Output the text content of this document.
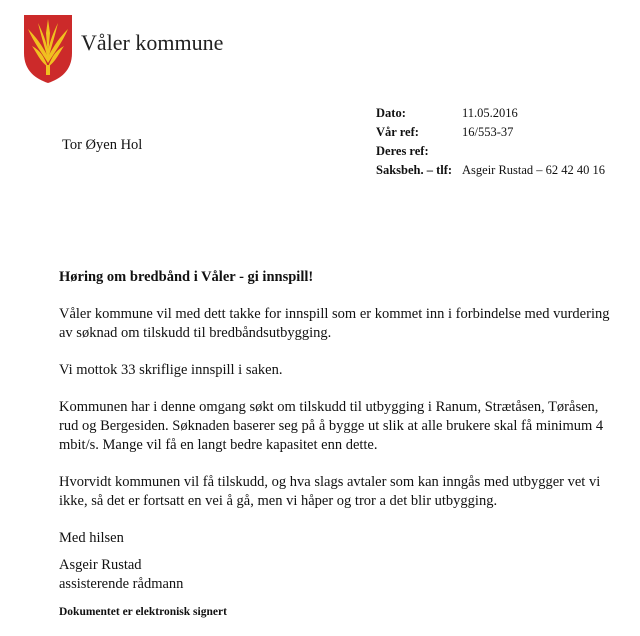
Våler kommune
Dato:	11.05.2016
Vår ref:	16/553-37
Deres ref:
Saksbeh. – tlf: Asgeir Rustad – 62 42 40 16
Tor Øyen Hol
Høring om bredbånd i Våler - gi innspill!

Våler kommune vil med dett takke for innspill som er kommet inn i forbindelse med vurdering av søknad om tilskudd til bredbåndsutbygging.

Vi mottok 33 skriflige innspill i saken.

Kommunen har i denne omgang søkt om tilskudd til utbygging i Ranum, Strætåsen, Tøråsen, rud og Bergesiden. Søknaden baserer seg på å bygge ut slik at alle brukere skal få minimum 4 mbit/s. Mange vil få en langt bedre kapasitet enn dette.

Hvorvidt kommunen vil få tilskudd, og hva slags avtaler som kan inngås med utbygger vet vi ikke, så det er fortsatt en vei å gå, men vi håper og tror a det blir utbygging.

Med hilsen

Asgeir Rustad
assisterende rådmann
Dokumentet er elektronisk signert
